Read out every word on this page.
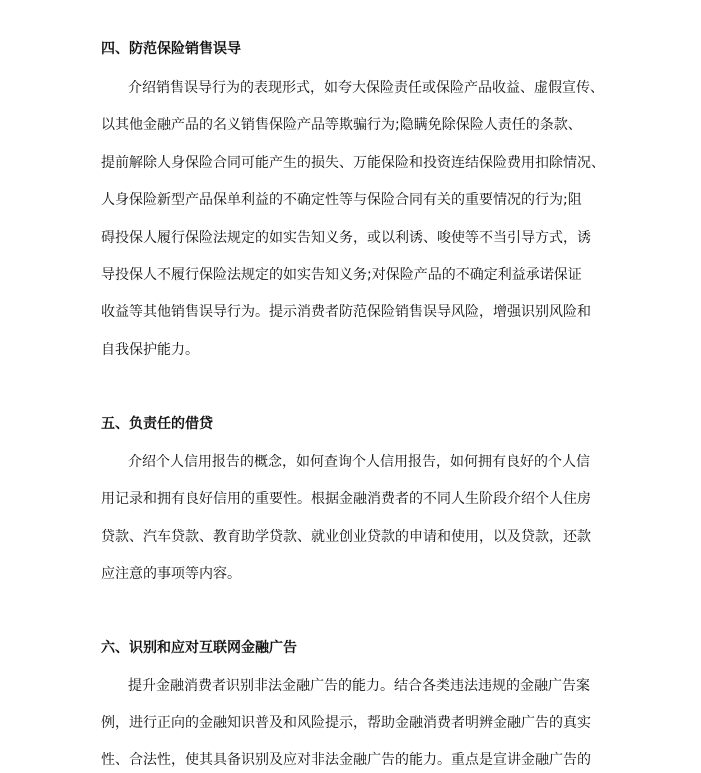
四、防范保险销售误导
介绍销售误导行为的表现形式，如夸大保险责任或保险产品收益、虚假宣传、
以其他金融产品的名义销售保险产品等欺骗行为;隐瞒免除保险人责任的条款、
提前解除人身保险合同可能产生的损失、万能保险和投资连结保险费用扣除情况、
人身保险新型产品保单利益的不确定性等与保险合同有关的重要情况的行为;阻
碍投保人履行保险法规定的如实告知义务，或以利诱、唆使等不当引导方式，诱
导投保人不履行保险法规定的如实告知义务;对保险产品的不确定利益承诺保证
收益等其他销售误导行为。提示消费者防范保险销售误导风险，增强识别风险和
自我保护能力。
五、负责任的借贷
介绍个人信用报告的概念，如何查询个人信用报告，如何拥有良好的个人信
用记录和拥有良好信用的重要性。根据金融消费者的不同人生阶段介绍个人住房
贷款、汽车贷款、教育助学贷款、就业创业贷款的申请和使用，以及贷款，还款
应注意的事项等内容。
六、识别和应对互联网金融广告
提升金融消费者识别非法金融广告的能力。结合各类违法违规的金融广告案
例，进行正向的金融知识普及和风险提示，帮助金融消费者明辨金融广告的真实
性、合法性，使其具备识别及应对非法金融广告的能力。重点是宣讲金融广告的
